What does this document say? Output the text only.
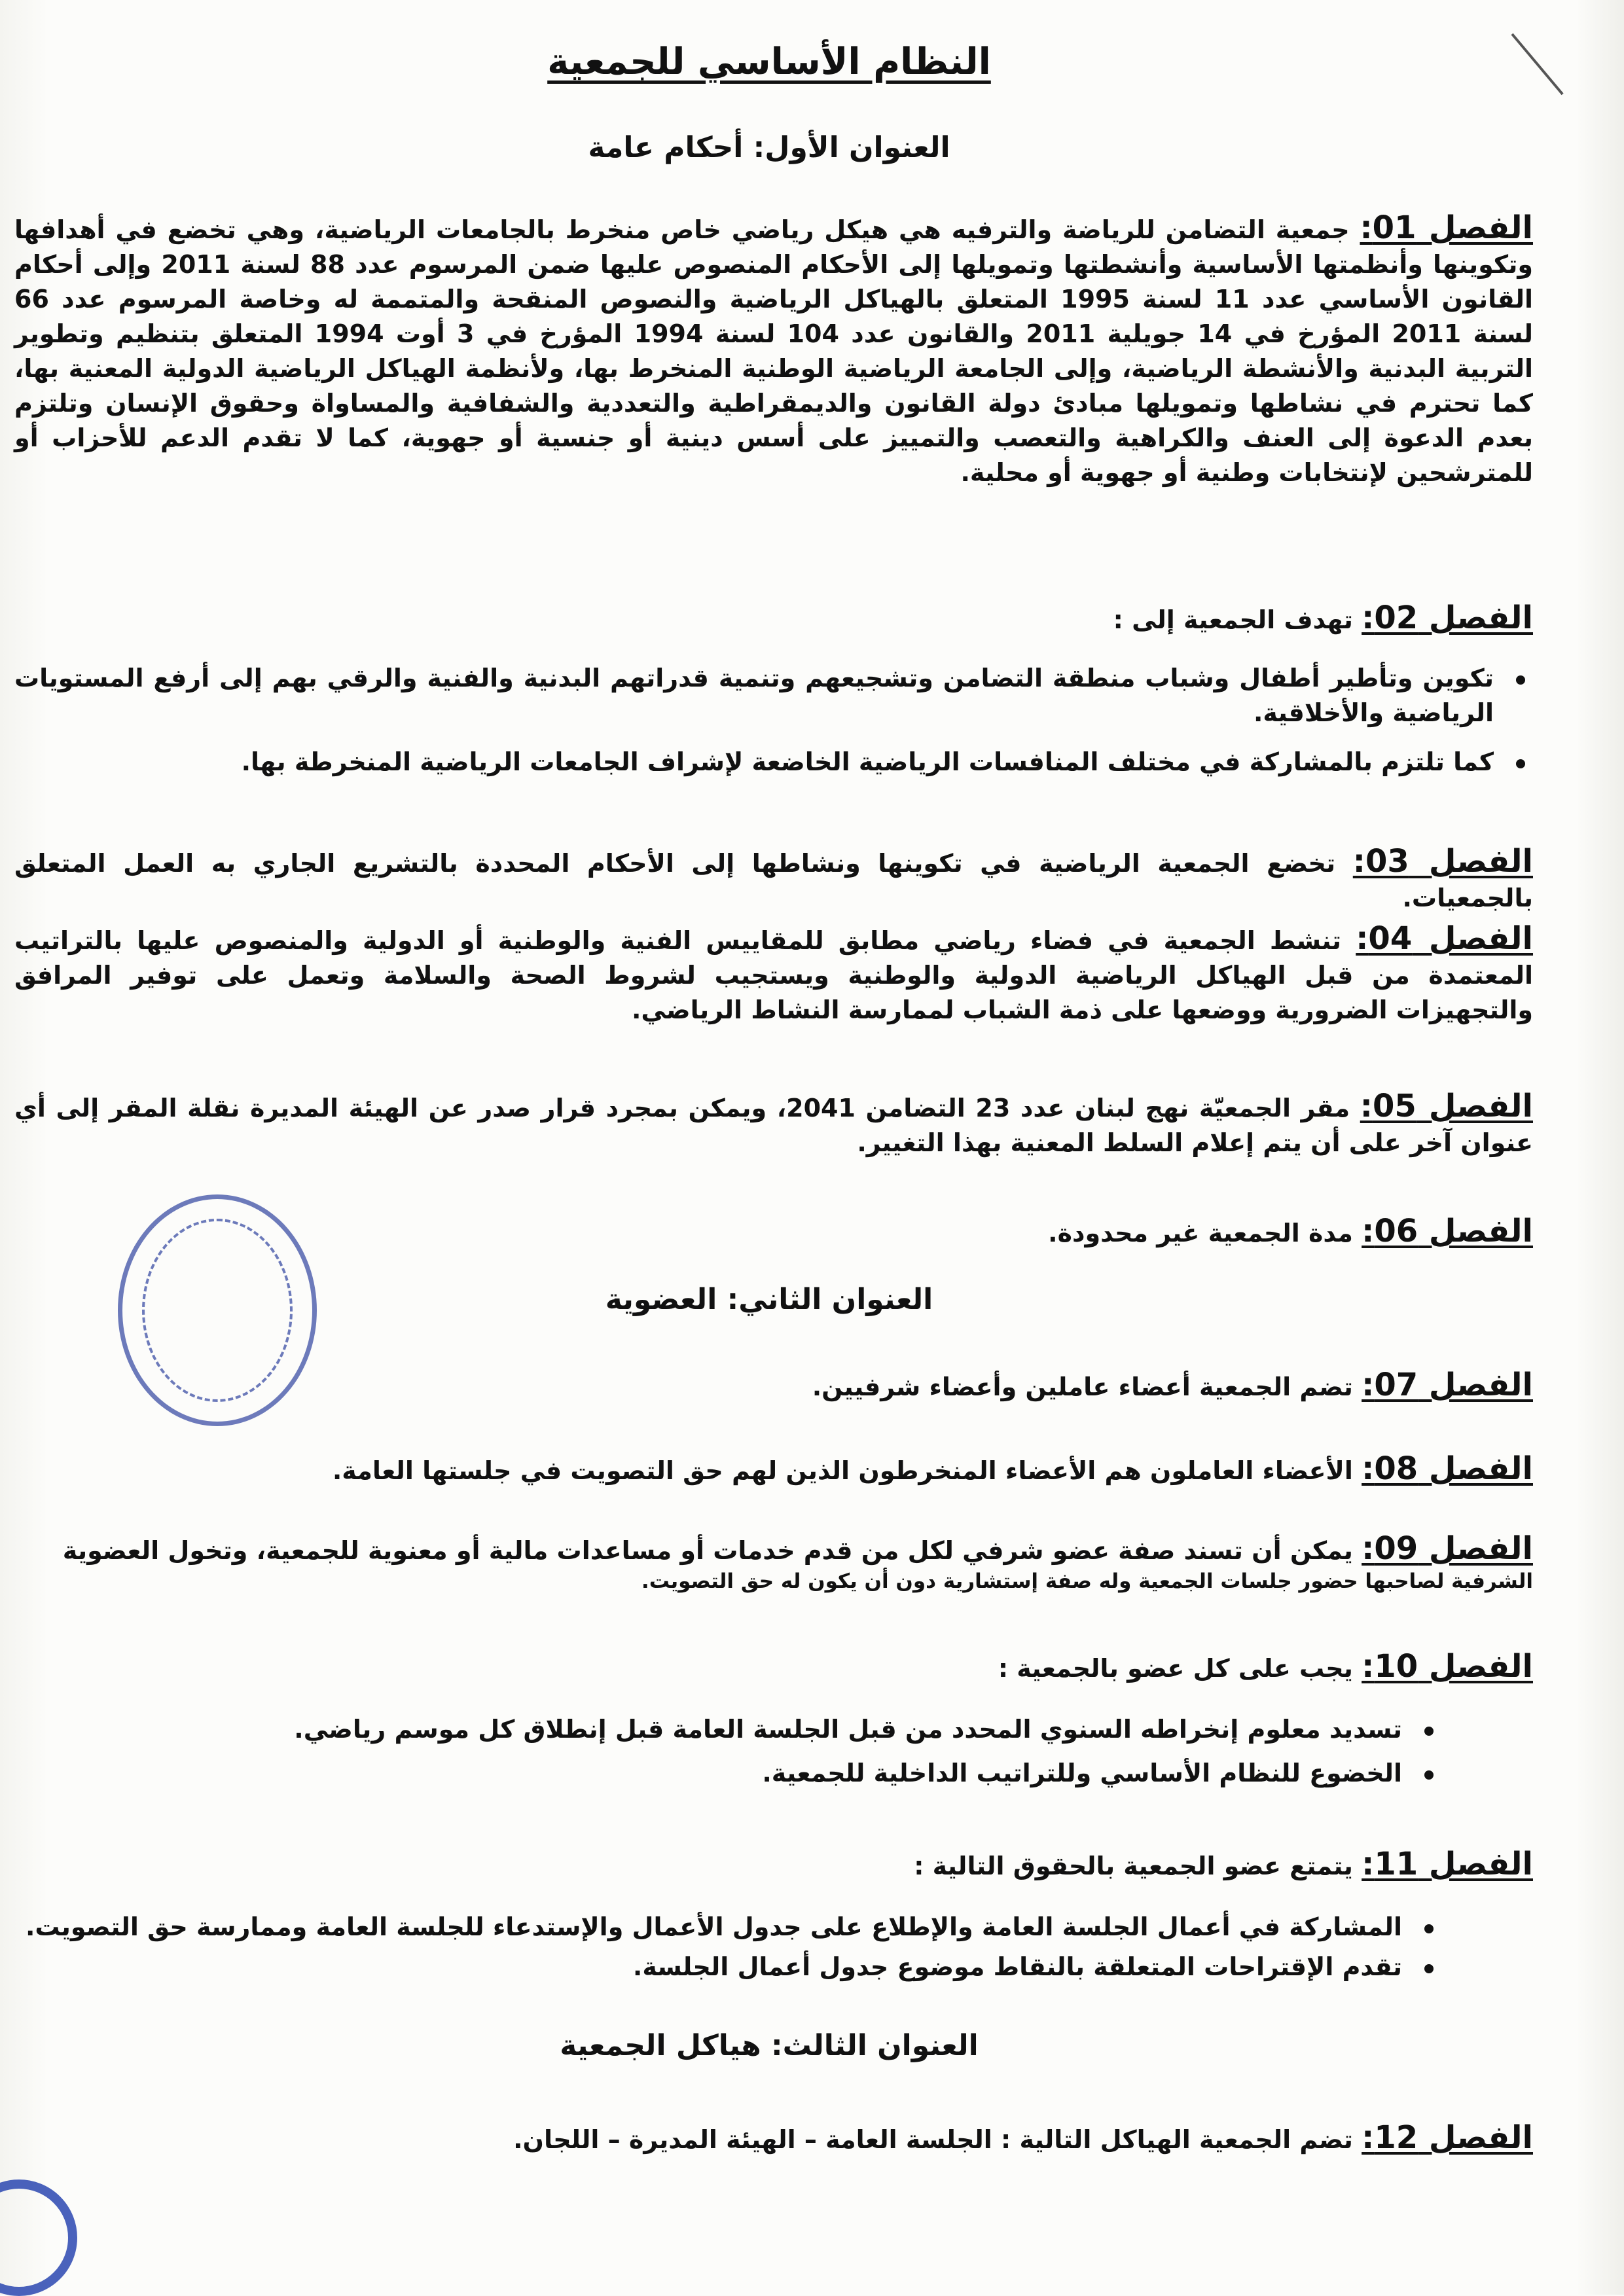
النظام الأساسي للجمعية
العنوان الأول: أحكام عامة
الفصل 01: جمعية التضامن للرياضة والترفيه هي هيكل رياضي خاص منخرط بالجامعات الرياضية، وهي تخضع في أهدافها وتكوينها وأنظمتها الأساسية وأنشطتها وتمويلها إلى الأحكام المنصوص عليها ضمن المرسوم عدد 88 لسنة 2011 وإلى أحكام القانون الأساسي عدد 11 لسنة 1995 المتعلق بالهياكل الرياضية والنصوص المنقحة والمتممة له وخاصة المرسوم عدد 66 لسنة 2011 المؤرخ في 14 جويلية 2011 والقانون عدد 104 لسنة 1994 المؤرخ في 3 أوت 1994 المتعلق بتنظيم وتطوير التربية البدنية والأنشطة الرياضية، وإلى الجامعة الرياضية الوطنية المنخرط بها، ولأنظمة الهياكل الرياضية الدولية المعنية بها، كما تحترم في نشاطها وتمويلها مبادئ دولة القانون والديمقراطية والتعددية والشفافية والمساواة وحقوق الإنسان وتلتزم بعدم الدعوة إلى العنف والكراهية والتعصب والتمييز على أسس دينية أو جنسية أو جهوية، كما لا تقدم الدعم للأحزاب أو للمترشحين لإنتخابات وطنية أو جهوية أو محلية.
الفصل 02: تهدف الجمعية إلى :
تكوين وتأطير أطفال وشباب منطقة التضامن وتشجيعهم وتنمية قدراتهم البدنية والفنية والرقي بهم إلى أرفع المستويات الرياضية والأخلاقية.
كما تلتزم بالمشاركة في مختلف المنافسات الرياضية الخاضعة لإشراف الجامعات الرياضية المنخرطة بها.
الفصل 03: تخضع الجمعية الرياضية في تكوينها ونشاطها إلى الأحكام المحددة بالتشريع الجاري به العمل المتعلق بالجمعيات.
الفصل 04: تنشط الجمعية في فضاء رياضي مطابق للمقاييس الفنية والوطنية أو الدولية والمنصوص عليها بالتراتيب المعتمدة من قبل الهياكل الرياضية الدولية والوطنية ويستجيب لشروط الصحة والسلامة وتعمل على توفير المرافق والتجهيزات الضرورية ووضعها على ذمة الشباب لممارسة النشاط الرياضي.
الفصل 05: مقر الجمعيّة نهج لبنان عدد 23 التضامن 2041، ويمكن بمجرد قرار صدر عن الهيئة المديرة نقلة المقر إلى أي عنوان آخر على أن يتم إعلام السلط المعنية بهذا التغيير.
الفصل 06: مدة الجمعية غير محدودة.
العنوان الثاني: العضوية
الفصل 07: تضم الجمعية أعضاء عاملين وأعضاء شرفيين.
الفصل 08: الأعضاء العاملون هم الأعضاء المنخرطون الذين لهم حق التصويت في جلستها العامة.
الفصل 09: يمكن أن تسند صفة عضو شرفي لكل من قدم خدمات أو مساعدات مالية أو معنوية للجمعية، وتخول العضوية
الشرفية لصاحبها حضور جلسات الجمعية وله صفة إستشارية دون أن يكون له حق التصويت.
الفصل 10: يجب على كل عضو بالجمعية :
تسديد معلوم إنخراطه السنوي المحدد من قبل الجلسة العامة قبل إنطلاق كل موسم رياضي.
الخضوع للنظام الأساسي وللتراتيب الداخلية للجمعية.
الفصل 11: يتمتع عضو الجمعية بالحقوق التالية :
المشاركة في أعمال الجلسة العامة والإطلاع على جدول الأعمال والإستدعاء للجلسة العامة وممارسة حق التصويت.
تقدم الإقتراحات المتعلقة بالنقاط موضوع جدول أعمال الجلسة.
العنوان الثالث: هياكل الجمعية
الفصل 12: تضم الجمعية الهياكل التالية : الجلسة العامة – الهيئة المديرة – اللجان.
